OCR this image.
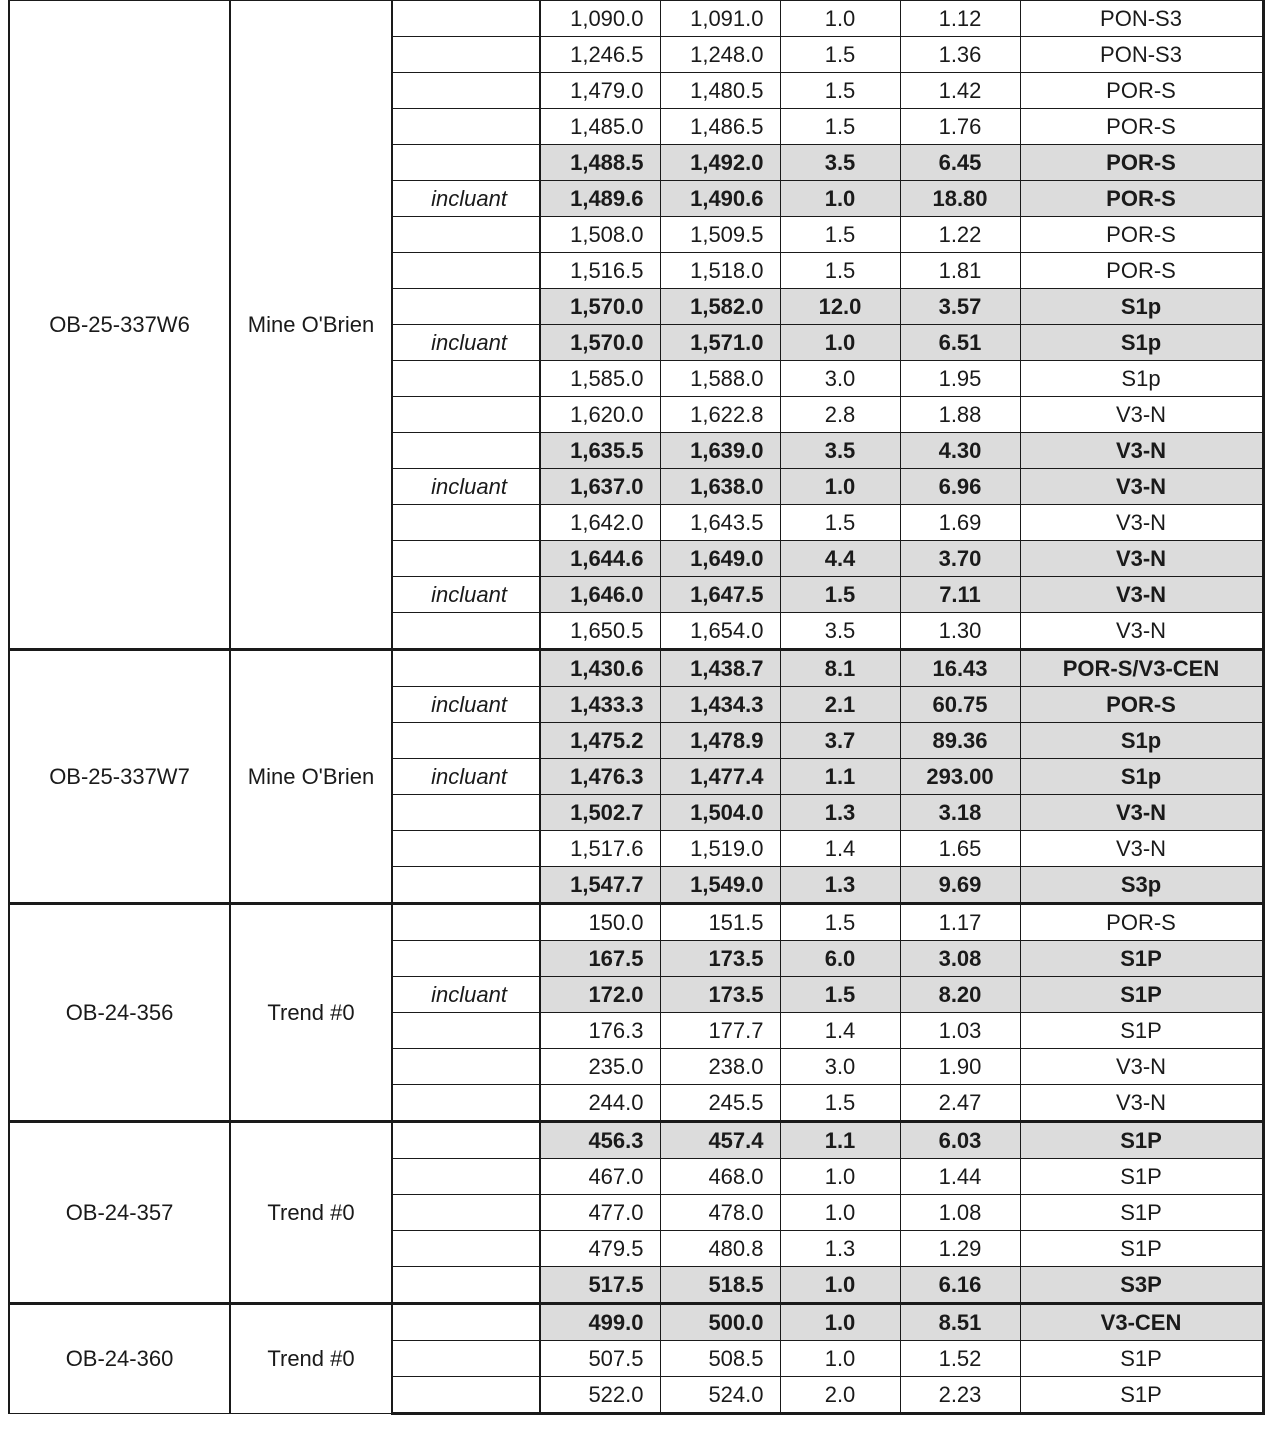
OB-25-337W6	Mine O'Brien		1,090.0	1,091.0	1.0	1.12	PON-S3
			1,246.5	1,248.0	1.5	1.36	PON-S3
			1,479.0	1,480.5	1.5	1.42	POR-S
			1,485.0	1,486.5	1.5	1.76	POR-S
			1,488.5	1,492.0	3.5	6.45	POR-S
		incluant	1,489.6	1,490.6	1.0	18.80	POR-S
			1,508.0	1,509.5	1.5	1.22	POR-S
			1,516.5	1,518.0	1.5	1.81	POR-S
			1,570.0	1,582.0	12.0	3.57	S1p
		incluant	1,570.0	1,571.0	1.0	6.51	S1p
			1,585.0	1,588.0	3.0	1.95	S1p
			1,620.0	1,622.8	2.8	1.88	V3-N
			1,635.5	1,639.0	3.5	4.30	V3-N
		incluant	1,637.0	1,638.0	1.0	6.96	V3-N
			1,642.0	1,643.5	1.5	1.69	V3-N
			1,644.6	1,649.0	4.4	3.70	V3-N
		incluant	1,646.0	1,647.5	1.5	7.11	V3-N
			1,650.5	1,654.0	3.5	1.30	V3-N
OB-25-337W7	Mine O'Brien		1,430.6	1,438.7	8.1	16.43	POR-S/V3-CEN
		incluant	1,433.3	1,434.3	2.1	60.75	POR-S
			1,475.2	1,478.9	3.7	89.36	S1p
		incluant	1,476.3	1,477.4	1.1	293.00	S1p
			1,502.7	1,504.0	1.3	3.18	V3-N
			1,517.6	1,519.0	1.4	1.65	V3-N
			1,547.7	1,549.0	1.3	9.69	S3p
OB-24-356	Trend #0		150.0	151.5	1.5	1.17	POR-S
			167.5	173.5	6.0	3.08	S1P
		incluant	172.0	173.5	1.5	8.20	S1P
			176.3	177.7	1.4	1.03	S1P
			235.0	238.0	3.0	1.90	V3-N
			244.0	245.5	1.5	2.47	V3-N
OB-24-357	Trend #0		456.3	457.4	1.1	6.03	S1P
			467.0	468.0	1.0	1.44	S1P
			477.0	478.0	1.0	1.08	S1P
			479.5	480.8	1.3	1.29	S1P
			517.5	518.5	1.0	6.16	S3P
OB-24-360	Trend #0		499.0	500.0	1.0	8.51	V3-CEN
			507.5	508.5	1.0	1.52	S1P
			522.0	524.0	2.0	2.23	S1P
